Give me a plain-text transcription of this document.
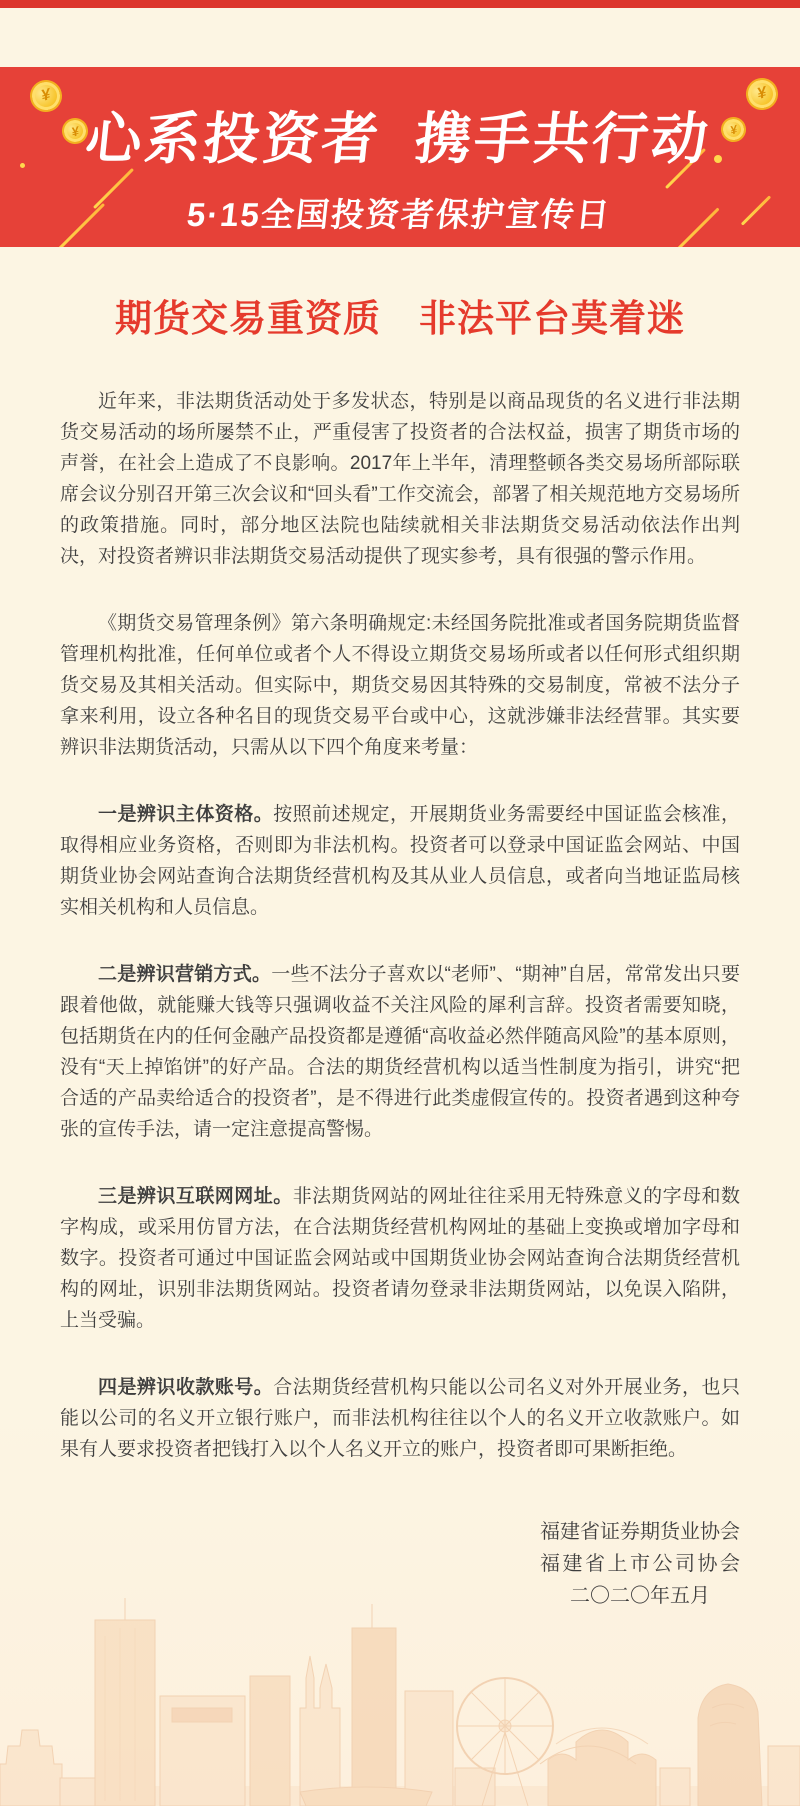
¥
¥
¥
¥
心系投资者 携手共行动
5·15全国投资者保护宣传日
期货交易重资质　非法平台莫着迷

近年来，非法期货活动处于多发状态，特别是以商品现货的名义进行非法期货交易活动的场所屡禁不止，严重侵害了投资者的合法权益，损害了期货市场的声誉，在社会上造成了不良影响。2017年上半年，清理整顿各类交易场所部际联席会议分别召开第三次会议和“回头看”工作交流会，部署了相关规范地方交易场所的政策措施。同时，部分地区法院也陆续就相关非法期货交易活动依法作出判决，对投资者辨识非法期货交易活动提供了现实参考，具有很强的警示作用。

《期货交易管理条例》第六条明确规定:未经国务院批准或者国务院期货监督管理机构批准，任何单位或者个人不得设立期货交易场所或者以任何形式组织期货交易及其相关活动。但实际中，期货交易因其特殊的交易制度，常被不法分子拿来利用，设立各种名目的现货交易平台或中心，这就涉嫌非法经营罪。其实要辨识非法期货活动，只需从以下四个角度来考量：

一是辨识主体资格。按照前述规定，开展期货业务需要经中国证监会核准，取得相应业务资格，否则即为非法机构。投资者可以登录中国证监会网站、中国期货业协会网站查询合法期货经营机构及其从业人员信息，或者向当地证监局核实相关机构和人员信息。

二是辨识营销方式。一些不法分子喜欢以“老师”、“期神”自居，常常发出只要跟着他做，就能赚大钱等只强调收益不关注风险的犀利言辞。投资者需要知晓，包括期货在内的任何金融产品投资都是遵循“高收益必然伴随高风险”的基本原则，没有“天上掉馅饼”的好产品。合法的期货经营机构以适当性制度为指引，讲究“把合适的产品卖给适合的投资者”，是不得进行此类虚假宣传的。投资者遇到这种夸张的宣传手法，请一定注意提高警惕。

三是辨识互联网网址。非法期货网站的网址往往采用无特殊意义的字母和数字构成，或采用仿冒方法，在合法期货经营机构网址的基础上变换或增加字母和数字。投资者可通过中国证监会网站或中国期货业协会网站查询合法期货经营机构的网址，识别非法期货网站。投资者请勿登录非法期货网站，以免误入陷阱，上当受骗。

四是辨识收款账号。合法期货经营机构只能以公司名义对外开展业务，也只能以公司的名义开立银行账户，而非法机构往往以个人的名义开立收款账户。如果有人要求投资者把钱打入以个人名义开立的账户，投资者即可果断拒绝。

福建省证券期货业协会
福建省上市公司协会
二〇二〇年五月
